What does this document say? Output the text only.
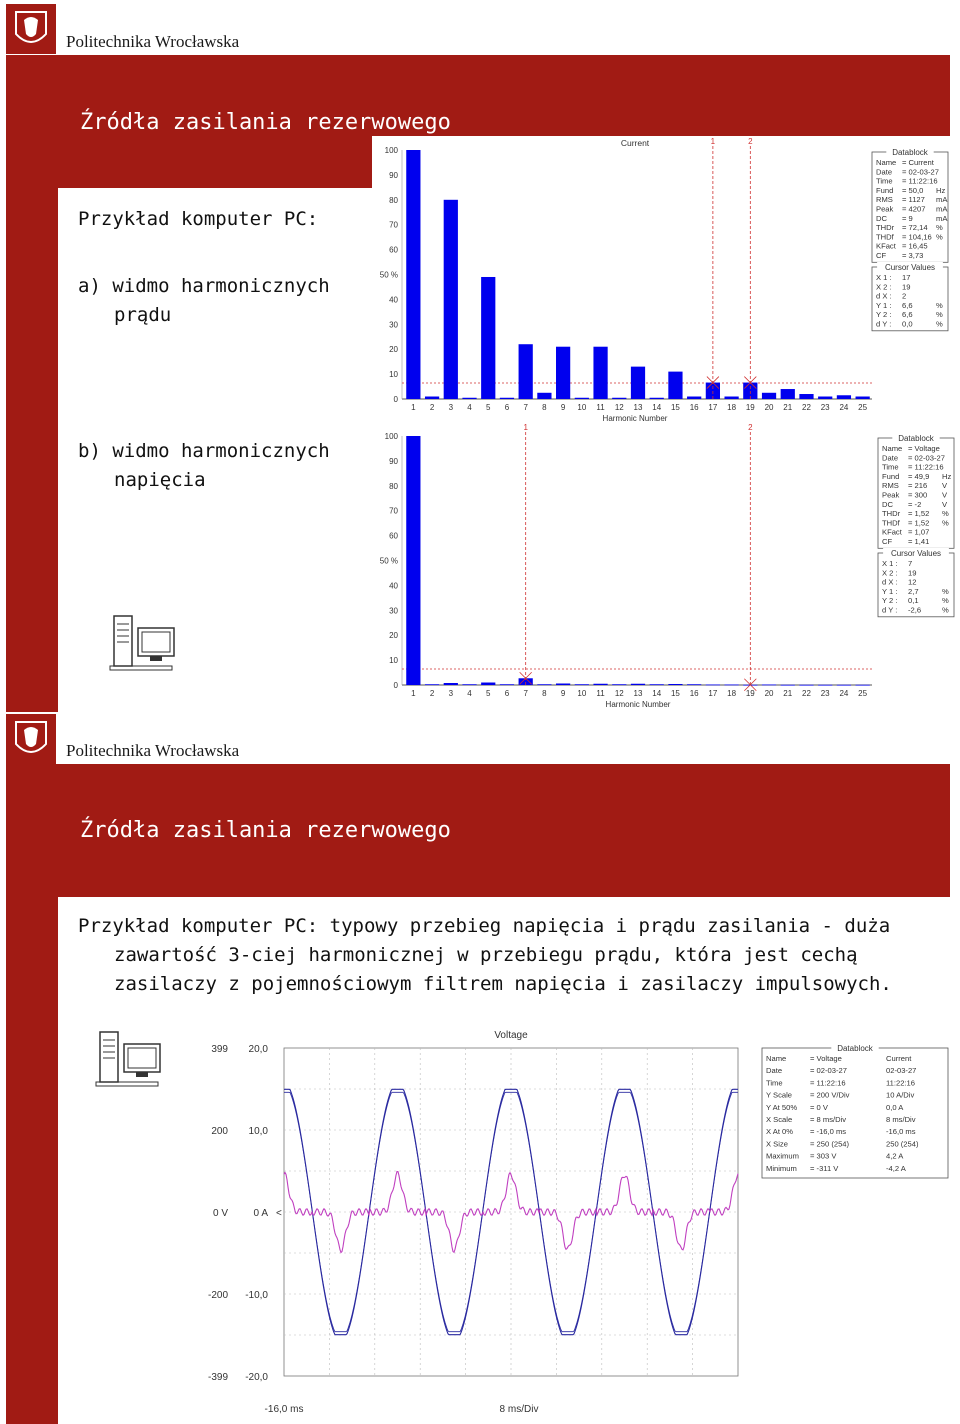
Politechnika Wrocławska
Źródła zasilania rezerwowego
Przykład komputer PC:
a) widmo harmonicznych
prądu
b) widmo harmonicznych
napięcia
100
90
80
70
60
50 %
40
30
20
10
0
1 2 3 4 5 6 7 8 9 10 11 12 13 14 15 16 17 18 19 20 21 22 23 24 25
1	2
Current
Harmonic Number
Datablock
Name = Current
Date = 02-03-27
Time = 11:22:16
Fund = 50,0 Hz
RMS = 1127 mA
Peak = 4207 mA
DC = 9	mA
THDr = 72,14 %
THDf = 104,16 %
KFact = 16,45
CF = 3,73
Cursor Values
X 1 : 17
X 2 : 19
d X : 2
Y 1 : 6,6	%
Y 2 : 6,6	%
d Y : 0,0	%
100
90
80
70
60
50 %
40
30
20
10
0
1 2 3 4 5 6 7 8 9 10 11 12 13 14 15 16 17 18 19 20 21 22 23 24 25
1	2
Harmonic Number
Datablock
Name = Voltage
Date = 02-03-27
Time = 11:22:16
Fund = 49,9 Hz
RMS = 216 V
Peak = 300 V
DC = -2	V
THDr = 1,52 %
THDf = 1,52 %
KFact = 1,07
CF = 1,41
Cursor Values
X 1 : 7
X 2 : 19
d X : 12
Y 1 : 2,7	%
Y 2 : 0,1	%
d Y : -2,6	%
Politechnika Wrocławska
Źródła zasilania rezerwowego
Przykład komputer PC: typowy przebieg napięcia i prądu zasilania - duża
zawartość 3-ciej harmonicznej w przebiegu prądu, która jest cechą
zasilaczy z pojemnościowym filtrem napięcia i zasilaczy impulsowych.
399
200
0 V
-200
-399
20,0
10,0
0 A
-10,0
-20,0
Voltage
-16,0 ms	8 ms/Div
<
Datablock
Name	= Voltage	Current
Date	= 02-03-27	02-03-27
Time	= 11:22:16	11:22:16
Y Scale = 200 V/Div	10 A/Div
Y At 50% = 0 V	0,0 A
X Scale = 8 ms/Div	8 ms/Div
X At 0% = -16,0 ms	-16,0 ms
X Size	= 250 (254)	250 (254)
Maximum = 303 V	4,2 A
Minimum = -311 V	-4,2 A
